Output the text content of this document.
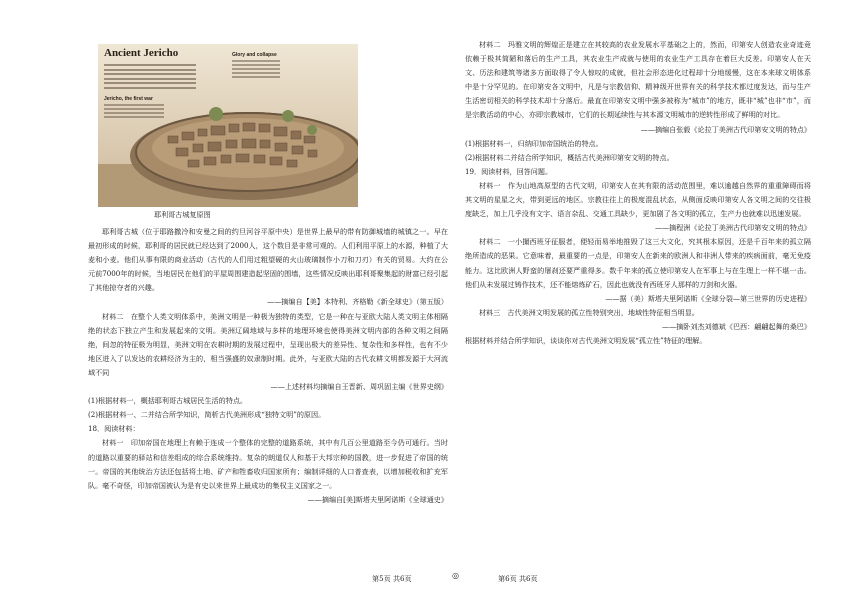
Ancient Jericho
Jericho, the first war
Glory and collapse
耶利哥古城复原图

耶利哥古城（位于耶路撒冷和安曼之间的约旦河谷平原中央）是世界上最早的带有防御城墙的城镇之一。早在最初形成的时候，耶利哥的居民就已经达到了2000人，这个数目是非常可观的。人们利用平原上的水源，种植了大麦和小麦。他们从事有限的商业活动（古代的人们用过粗望硬的火山玻璃制作小刀和刀刃）有关的贸易。大约在公元前7000年的时候，当地居民在他们的平屋周围建造起坚固的围墙，这些情况反映出耶利哥聚集起的财富已经引起了其他掠夺者的兴趣。

——摘编自【美】本特利、齐格勒《新全球史》（第五版）

材料二　在整个人类文明体系中，美洲文明是一种极为独特的类型，它是一种在与亚欧大陆人类文明主体相隔绝的状态下独立产生和发展起来的文明。美洲辽阔地域与多样的地理环境也使得美洲文明内部的各种文明之间隔绝，间忽的特征极为明显，美洲文明在农耕时期的发展过程中，呈现出极大的差异性、复杂性和多样性，也有不少地区进入了以发达的农耕经济为主的，相当强盛的奴隶制时期。此外，与亚欧大陆的古代农耕文明都发源于大河流域不同

——上述材料均摘编自王晋新、周巩固主编《世界史纲》

(1)根据材料一，概括耶利哥古城居民生活的特点。

(2)根据材料一、二并结合所学知识，简析古代美洲形成“独特文明”的原因。

18．阅读材料：

材料一　印加帝国在地理上有赖于连成一个整体的完整的道路系统，其中有几百公里道路至今仍可通行。当时的道路以重要的驿站和信差组成的综合系统维持。复杂的朗道仅人和基于大邦宗种的国教，进一步促进了帝国的统一。帝国的其他统治方法还包括将土地、矿产和牲畜收归国家所有；编制详细的人口普查表，以增加税收和扩充军队。毫不奇怪，印加帝国被认为是有史以来世界上最成功的集权主义国家之一。

——摘编自[美]斯塔夫里阿诺斯《全球通史》

材料二　玛雅文明的辉煌正是建立在其较高的农业发展水平基础之上的，然而，印第安人创造农业奇迹竟依赖于极其简陋和落后的生产工具，其农业生产成就与使用的农业生产工具存在着巨大反差。印第安人在天文、历法和建筑等诸多方面取得了令人惊叹的成就，但社会形态进化过程却十分地缓慢，这在本来球文明体系中是十分罕见的。在印第安各文明中，凡是与宗教信仰、精神级开世界有关的科学技术都过度发达，而与生产生活密切相关的科学技术却十分落后。最直在印第安文明中强多被称为“城市”的地方，既非“城”也非“市”，而是宗教活动的中心，亦即宗教城市，它们的长期延续性与其本源文明城市的逆转性形成了鲜明的对比。

——摘编自张毅《论拉丁美洲古代印第安文明的特点》

(1)根据材料一，归纳印加帝国统治的特点。

(2)根据材料二并结合所学知识，概括古代美洲印第安文明的特点。

19．阅读材料，回答问题。

材料一　作为山地高原型的古代文明，印第安人在其有限的活动范围里，难以逾越自然界的重重障碍而将其文明的星星之火，带到更远的地区。宗教往往上的极度混乱状态，从侧面反映印第安人各文明之间的交往极度缺乏，加上几乎没有文字、语言杂乱、交通工具缺少，更加剧了各文明的孤立，生产力也就难以迅速发展。

——摘程洲《论拉丁美洲古代印第安文明的特点》

材料二　一小撮西班牙征服者，便轻而易举地推毁了这三大文化，究其根本原因，还是千百年来的孤立隔绝所造成的恶果。它意味着，最重要的一点是，印第安人在新来的欧洲人和非洲人带来的疾病面前，毫无免疫能力。这比欧洲人野蛮的屠刹还要严重得多。数千年来的孤立使印第安人在军事上与在生理上一样不堪一击。他们从未发展过铸作技术，还不能熔炼矿石，因此也就没有西班牙人那样的刀剑和火器。

——据（美）斯塔夫里阿诺斯《全球分裂—第三世界的历史进程》

材料三　古代美洲文明发展的孤立性特别突出，地域性特征相当明显。

——摘卧刘杰刘德斌《巴西：翩翩起舞的桑巴》

根据材料并结合所学知识，谈谈你对古代美洲文明发展“孤立性”特征的理解。

第5页 共6页	◎	第6页 共6页
